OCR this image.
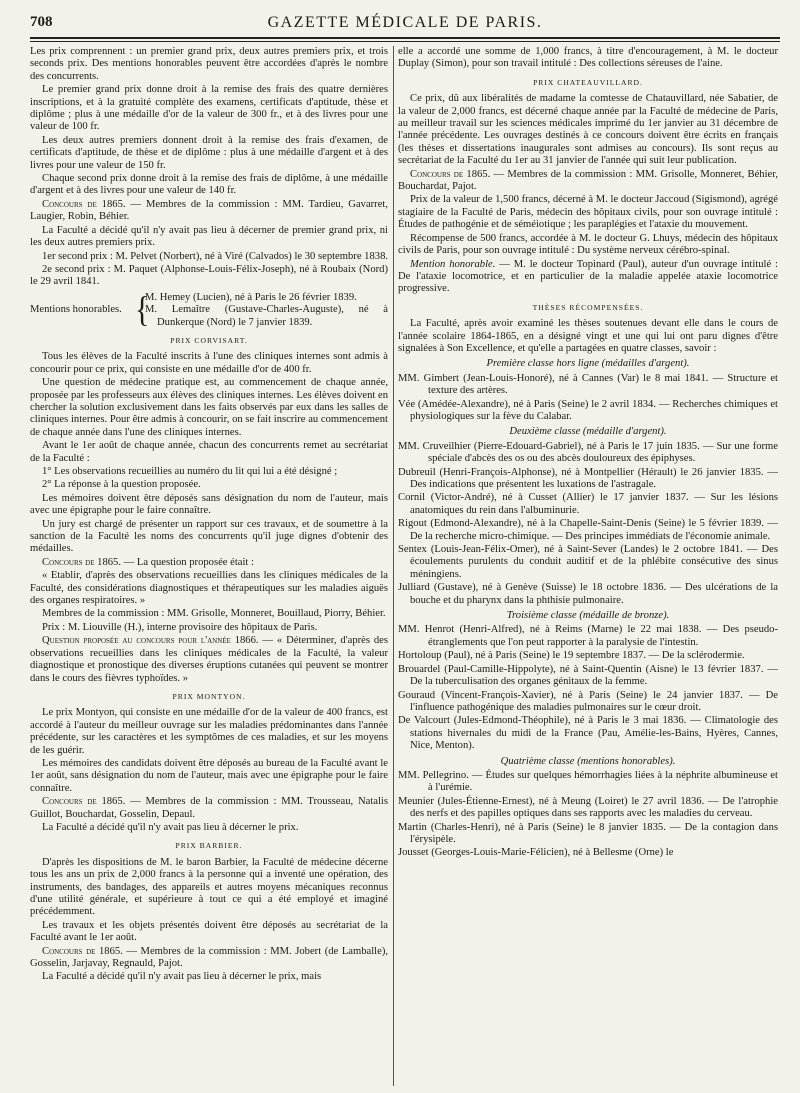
708	GAZETTE MÉDICALE DE PARIS.

Les prix comprennent : un premier grand prix, deux autres premiers prix, et trois seconds prix. Des mentions honorables peuvent être accordées d'après le nombre des concurrents.

Le premier grand prix donne droit à la remise des frais des quatre dernières inscriptions, et à la gratuité complète des examens, certificats d'aptitude, thèse et diplôme ; plus à une médaille d'or de la valeur de 300 fr., et à des livres pour une valeur de 100 fr.

Les deux autres premiers donnent droit à la remise des frais d'examen, de certificats d'aptitude, de thèse et de diplôme : plus à une médaille d'argent et à des livres pour une valeur de 150 fr.

Chaque second prix donne droit à la remise des frais de diplôme, à une médaille d'argent et à des livres pour une valeur de 140 fr.

Concours de 1865. — Membres de la commission : MM. Tardieu, Gavarret, Laugier, Robin, Béhier.

La Faculté a décidé qu'il n'y avait pas lieu à décerner de premier grand prix, ni les deux autres premiers prix.

1er second prix : M. Pelvet (Norbert), né à Viré (Calvados) le 30 septembre 1838.

2e second prix : M. Paquet (Alphonse-Louis-Félix-Joseph), né à Roubaix (Nord) le 29 avril 1841.

Mentions honorables. {
M. Hemey (Lucien), né à Paris le 26 février 1839.
M. Lemaître (Gustave-Charles-Auguste), né à Dunkerque (Nord) le 7 janvier 1839.
PRIX CORVISART.

Tous les élèves de la Faculté inscrits à l'une des cliniques internes sont admis à concourir pour ce prix, qui consiste en une médaille d'or de 400 fr.

Une question de médecine pratique est, au commencement de chaque année, proposée par les professeurs aux élèves des cliniques internes. Les élèves doivent en chercher la solution exclusivement dans les faits observés par eux dans les salles de cliniques internes. Pour être admis à concourir, on se fait inscrire au commencement de chaque année dans l'une des cliniques internes.

Avant le 1er août de chaque année, chacun des concurrents remet au secrétariat de la Faculté :

1° Les observations recueillies au numéro du lit qui lui a été désigné ;

2° La réponse à la question proposée.

Les mémoires doivent être déposés sans désignation du nom de l'auteur, mais avec une épigraphe pour le faire connaître.

Un jury est chargé de présenter un rapport sur ces travaux, et de soumettre à la sanction de la Faculté les noms des concurrents qu'il juge dignes d'obtenir des médailles.

Concours de 1865. — La question proposée était :

« Etablir, d'après des observations recueillies dans les cliniques médicales de la Faculté, des considérations diagnostiques et thérapeutiques sur les maladies aiguës des organes respiratoires. »

Membres de la commission : MM. Grisolle, Monneret, Bouillaud, Piorry, Béhier.

Prix : M. Liouville (H.), interne provisoire des hôpitaux de Paris.

Question proposée au concours pour l'année 1866. — « Déterminer, d'après des observations recueillies dans les cliniques médicales de la Faculté, la valeur diagnostique et pronostique des diverses éruptions cutanées qui peuvent se montrer dans le cours des fièvres typhoïdes. »

PRIX MONTYON.

Le prix Montyon, qui consiste en une médaille d'or de la valeur de 400 francs, est accordé à l'auteur du meilleur ouvrage sur les maladies prédominantes dans l'année précédente, sur les caractères et les symptômes de ces maladies, et sur les moyens de les guérir.

Les mémoires des candidats doivent être déposés au bureau de la Faculté avant le 1er août, sans désignation du nom de l'auteur, mais avec une épigraphe pour le faire connaître.

Concours de 1865. — Membres de la commission : MM. Trousseau, Natalis Guillot, Bouchardat, Gosselin, Depaul.

La Faculté a décidé qu'il n'y avait pas lieu à décerner le prix.

PRIX BARBIER.

D'après les dispositions de M. le baron Barbier, la Faculté de médecine décerne tous les ans un prix de 2,000 francs à la personne qui a inventé une opération, des instruments, des bandages, des appareils et autres moyens mécaniques reconnus d'une utilité générale, et supérieure à tout ce qui a été employé et imaginé précédemment.

Les travaux et les objets présentés doivent être déposés au secrétariat de la Faculté avant le 1er août.

Concours de 1865. — Membres de la commission : MM. Jobert (de Lamballe), Gosselin, Jarjavay, Regnauld, Pajot.

La Faculté a décidé qu'il n'y avait pas lieu à décerner le prix, mais

elle a accordé une somme de 1,000 francs, à titre d'encouragement, à M. le docteur Duplay (Simon), pour son travail intitulé : Des collections séreuses de l'aine.

PRIX CHATEAUVILLARD.

Ce prix, dû aux libéralités de madame la comtesse de Chatauvillard, née Sabatier, de la valeur de 2,000 francs, est décerné chaque année par la Faculté de médecine de Paris, au meilleur travail sur les sciences médicales imprimé du 1er janvier au 31 décembre de l'année précédente. Les ouvrages destinés à ce concours doivent être écrits en français (les thèses et dissertations inaugurales sont admises au concours). Ils sont reçus au secrétariat de la Faculté du 1er au 31 janvier de l'année qui suit leur publication.

Concours de 1865. — Membres de la commission : MM. Grisolle, Monneret, Béhier, Bouchardat, Pajot.

Prix de la valeur de 1,500 francs, décerné à M. le docteur Jaccoud (Sigismond), agrégé stagiaire de la Faculté de Paris, médecin des hôpitaux civils, pour son ouvrage intitulé : Études de pathogénie et de séméiotique ; les paraplégies et l'ataxie du mouvement.

Récompense de 500 francs, accordée à M. le docteur G. Lhuys, médecin des hôpitaux civils de Paris, pour son ouvrage intitulé : Du système nerveux cérébro-spinal.

Mention honorable. — M. le docteur Topinard (Paul), auteur d'un ouvrage intitulé : De l'ataxie locomotrice, et en particulier de la maladie appelée ataxie locomotrice progressive.

THÈSES RÉCOMPENSÉES.

La Faculté, après avoir examiné les thèses soutenues devant elle dans le cours de l'année scolaire 1864-1865, en a désigné vingt et une qui lui ont paru dignes d'être signalées à Son Excellence, et qu'elle a partagées en quatre classes, savoir :

Première classe hors ligne (médailles d'argent).
MM. Gimbert (Jean-Louis-Honoré), né à Cannes (Var) le 8 mai 1841. — Structure et texture des artères.
Vée (Amédée-Alexandre), né à Paris (Seine) le 2 avril 1834. — Recherches chimiques et physiologiques sur la fève du Calabar.
Deuxième classe (médaille d'argent).
MM. Cruveilhier (Pierre-Edouard-Gabriel), né à Paris le 17 juin 1835. — Sur une forme spéciale d'abcès des os ou des abcès douloureux des épiphyses.
Dubreuil (Henri-François-Alphonse), né à Montpellier (Hérault) le 26 janvier 1835. — Des indications que présentent les luxations de l'astragale.
Cornil (Victor-André), né à Cusset (Allier) le 17 janvier 1837. — Sur les lésions anatomiques du rein dans l'albuminurie.
Rigout (Edmond-Alexandre), né à la Chapelle-Saint-Denis (Seine) le 5 février 1839. — De la recherche micro-chimique. — Des principes immédiats de l'économie animale.
Sentex (Louis-Jean-Félix-Omer), né à Saint-Sever (Landes) le 2 octobre 1841. — Des écoulements purulents du conduit auditif et de la phlébite consécutive des sinus méningiens.
Julliard (Gustave), né à Genève (Suisse) le 18 octobre 1836. — Des ulcérations de la bouche et du pharynx dans la phthisie pulmonaire.
Troisième classe (médaille de bronze).
MM. Henrot (Henri-Alfred), né à Reims (Marne) le 22 mai 1838. — Des pseudo-étranglements que l'on peut rapporter à la paralysie de l'intestin.
Hortoloup (Paul), né à Paris (Seine) le 19 septembre 1837. — De la sclérodermie.
Brouardel (Paul-Camille-Hippolyte), né à Saint-Quentin (Aisne) le 13 février 1837. — De la tuberculisation des organes génitaux de la femme.
Gouraud (Vincent-François-Xavier), né à Paris (Seine) le 24 janvier 1837. — De l'influence pathogénique des maladies pulmonaires sur le cœur droit.
De Valcourt (Jules-Edmond-Théophile), né à Paris le 3 mai 1836. — Climatologie des stations hivernales du midi de la France (Pau, Amélie-les-Bains, Hyères, Cannes, Nice, Menton).
Quatrième classe (mentions honorables).
MM. Pellegrino. — Études sur quelques hémorrhagies liées à la néphrite albumineuse et à l'urémie.
Meunier (Jules-Étienne-Ernest), né à Meung (Loiret) le 27 avril 1836. — De l'atrophie des nerfs et des papilles optiques dans ses rapports avec les maladies du cerveau.
Martin (Charles-Henri), né à Paris (Seine) le 8 janvier 1835. — De la contagion dans l'érysipèle.
Jousset (Georges-Louis-Marie-Félicien), né à Bellesme (Orne) le
